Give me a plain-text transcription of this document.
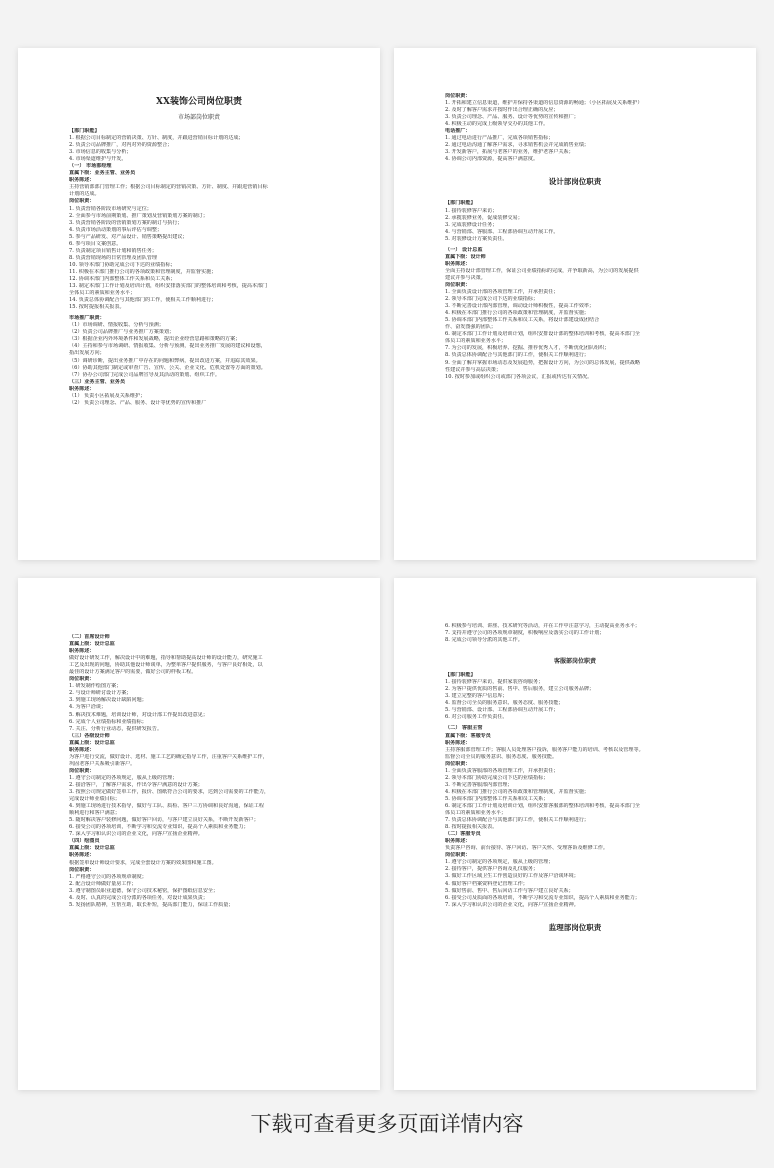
XX装饰公司岗位职责
市场部岗位职责
【部门职能】
1. 根据公司目标制定的营销决策、方针、制度，并跟进营销目标计划的达成；
2. 负责公司品牌推广，对内对外的资源整合；
3. 市场信息的收集与分析；
4. 市场渠道维护与开发。
（一） 市场部经理
直属下级：业务主管、业务员
职务陈述：
主持营销部部门管理工作；根据公司目标制定的营销决策、方针、制度、并跟进营销目标
计划的达成。
岗位职责：
1. 负责营销各阶段市场研究与定位；
2. 全面参与市场前期策划、推广策划及营销策划方案的制订；
3. 负责营销各阶段的营销策划方案的制订与执行；
4. 负责市场活动策划的事后评估与调整；
5. 参与产品研发、对产品设计、销售策略提出建议；
6. 参与项目文案创意。
7. 负责制定项目销售计划和销售任务；
8. 负责营销现场的日常管理及团队管理
10. 领导本部门协助完成公司下达的业绩指标；
11. 积极在本部门推行公司的各项政策和管理制度，并监督实施；
12. 协调本部门内部整体工作关系和员工关系；
13. 制定本部门工作计划及培训计划，组织安排落实部门的整体培训和考核，提高本部门
全体员工的素质和业务水平；
14. 负责总体协调配合与其他部门的工作，使相关工作顺利进行；
15. 按时提报相关报表。
市场推广职责：
（1）市场调研、情报收集、分析与预测；
（2）负责公司品牌推广与业务推广方案策划；
（3）根据企业内外环境条件和发展战略，提出企业经营思路和策略的方案；
（4）主持和参与市场调研、情报收集、分析与预测，提出业务推广发展的建议和设想，
指出发展方向；
（5）调研诊断，提出业务推广中存在的问题和弊病，提出改进方案，并追踪其效果。
（6）协助其他部门制定或审查广告、宣传、公关、企业文化、危机处置等方面的策划。
（7）协办公司部门完成公司品牌宣导及其活动的策划、组织工作。
（三）业务主管、业务员
职务陈述：
（1） 负责小区拓展及关系维护；
（2） 负责公司理念、产品、服务、设计等优势的宣传和推广
岗位职责：
1. 开拓和建立信息渠道，维护并保持各渠道的信息资源的畅通；（小区拓展及关系维护）
2. 及时了解客户需求并按时作出合理正确的反应；
3. 负责公司理念、产品、服务、设计等优势的宣传和推广；
4. 积极主动的完成上级领导交办的其他工作。
电话推广：
1. 通过电话进行产品推广，完成各项销售指标；
2. 通过电话沟通了解客户需求，寻求销售机会并完成销售业绩；
3. 开发新客户，拓展与老客户的业务，维护老客户关系；
4. 协调公司内部资源，提高客户满意度。
设计部岗位职责
【部门职能】
1. 接待装修客户来访；
2. 承揽装修业务，促成装修交易；
3. 完成装修设计任务；
4. 与营销部、客服部、工程部协调互动开展工作。
5. 对装修设计方案负责任。
（一） 设计总监
直属下级：设计师
职务陈述：
全面主持设计部管理工作，保证公司业绩指标的完成，并争取新高，为公司的发展提供
建议并参与决策。
岗位职责：
1. 全面负责设计部的各项管理工作，并承担责任；
2. 领导本部门完成公司下达的业绩指标；
3. 不断完善设计部内部管理，调动设计师积极性，提高工作效率；
4. 积极在本部门推行公司的各项政策和管理制度，并监督实施；
5. 协调本部门内部整体工作关系和员工关系，将设计部建设成团结合
作、奋发图强的团队；
6. 制定本部门工作计划及培训计划，组织安排设计部的整体培训和考核，提高本部门全
体员工的素质和业务水平；
7. 为公司的发展，积极培养、挖掘、推荐优秀人才，不断优化团队组织；
8. 负责总体协调配合与其他部门的工作，使相关工作顺利进行；
9. 全面了解并掌握市场动态及发展趋势，把握设计方向，为公司的总体发展，提供战略
性建议并参与高层决策；
10. 按时参加或组织公司或部门各项会议，汇报或传达有关情况。
（二）首席设计师
直属上级：设计总监
职务陈述：
做好设计研发工作，解决设计中的难题，指导和帮助提高设计师的设计能力，研究施工
工艺及出现的问题，协助其他设计师谈单，为整单客户提供服务，与客户良好相处，以
最佳的设计方案满足客户的需要，做好公司的样板工程。
岗位职责：
1. 研发制作绘图方案；
2. 与设计师研讨设计方案；
3. 到施工现场解决设计缺陷问题；
4. 为客户洽谈；
5. 解决技术难题，培训设计师，对设计部工作提出改进意见；
6. 完成个人业绩指标和业绩指标；
7. 关注、分析行业动态，提供研发报告。
（三）各级设计师
直属上级：设计总监
职务陈述：
为客户进行交流，做好设计、选材、施工工艺的确定指导工作，注重客户关系维护工作，
巩固老客户关系吸引新客户。
岗位职责：
1. 遵守公司制定的各项规定，服从上级的管理；
2. 接洽客户，了解客户需求，作出令客户满意的设计方案；
3. 按照公司规定做好签单工作，报价、图纸符合公司的要求，达到公司需要的工作能力，
完成设计师业绩目标；
4. 到施工现场进行技术指导，做好与工队、质检、客户三方协调和良好沟通，保证工程
顺利进行和客户满意；
5. 随时解决客户装修问题，做好客户回访，与客户建立良好关系，不断开发新客户；
6. 接受公司的各项培训，不断学习和交流专业知识，提高个人素质和业务能力；
7. 深入学习和认识公司的企业文化，向客户宣扬企业精神。
（四）绘图员
直属上级：设计总监
职务陈述：
根据签单设计师设计要求，完成全套设计方案的效果图和施工图。
岗位职责：
1. 严格遵守公司的各项规章制度；
2. 配合设计师做好量房工作；
3. 遵守制图员职业道德，保守公司技术秘密，保护图纸信息安全；
4. 及时、认真的完成公司分派的各项任务，对设计成果负责；
5. 发扬团队精神，互帮互助，取长补短，提高部门能力，保证工作质量；
6. 积极参与培训、讲座、技术研究等活动，并在工作中注意学习，主动提高业务水平；
7. 支持并遵守公司的各项规章制度，积极响应及落实公司的工作计划；
8. 完成公司领导分派的其他工作。
客服部岗位职责
【部门职能】
1. 接待装修客户来访，提供家装咨询服务；
2. 为客户提供优质的售前、售中、售后服务，建立公司服务品牌；
3. 建立完整的客户信息库；
4. 监督公司全员的服务意识、服务态度、服务技能；
5. 与营销部、设计部、工程部协调互动开展工作；
6. 对公司服务工作负责任。
（二） 客服主管
直属下级：客服专员
职务陈述：
主持客服部管理工作；客服人员处理客户投诉，服务客户能力的培训、考核以及管理等。
监督公司全员的服务意识、服务态度、服务技能。
岗位职责：
1. 全面负责客服部的各项管理工作，并承担责任；
2. 领导本部门协助完成公司下达的业绩指标；
3. 不断完善客服部内部管理；
4. 积极在本部门推行公司的各项政策和管理制度，并监督实施；
5. 协调本部门内部整体工作关系和员工关系；
6. 制定本部门工作计划及培训计划，组织安排客服部的整体培训和考核，提高本部门全
体员工的素质和业务水平；
7. 负责总体协调配合与其他部门的工作，使相关工作顺利进行；
8. 按时提报相关报表。
（二）客服专员
职务陈述：
负责客户咨询、前台接待、客户回访、客户关怀、受理客诉及维修工作。
岗位职责：
1. 遵守公司制定的各项规定，服从上级的管理；
2. 接待客户，提供客户咨询及礼仪服务；
3. 做好工作区域卫生工作创造良好的工作及客户洽谈环境；
4. 做好客户档案资料登记管理工作；
5. 做好售前、售中、售后回访工作与客户建立良好关系；
6. 接受公司及质面的各项培训，不断学习和交流专业知识，提高个人素质和业务能力；
7. 深入学习和认识公司的企业文化，向客户宣扬企业精神。
监理部岗位职责
下载可查看更多页面详情内容
